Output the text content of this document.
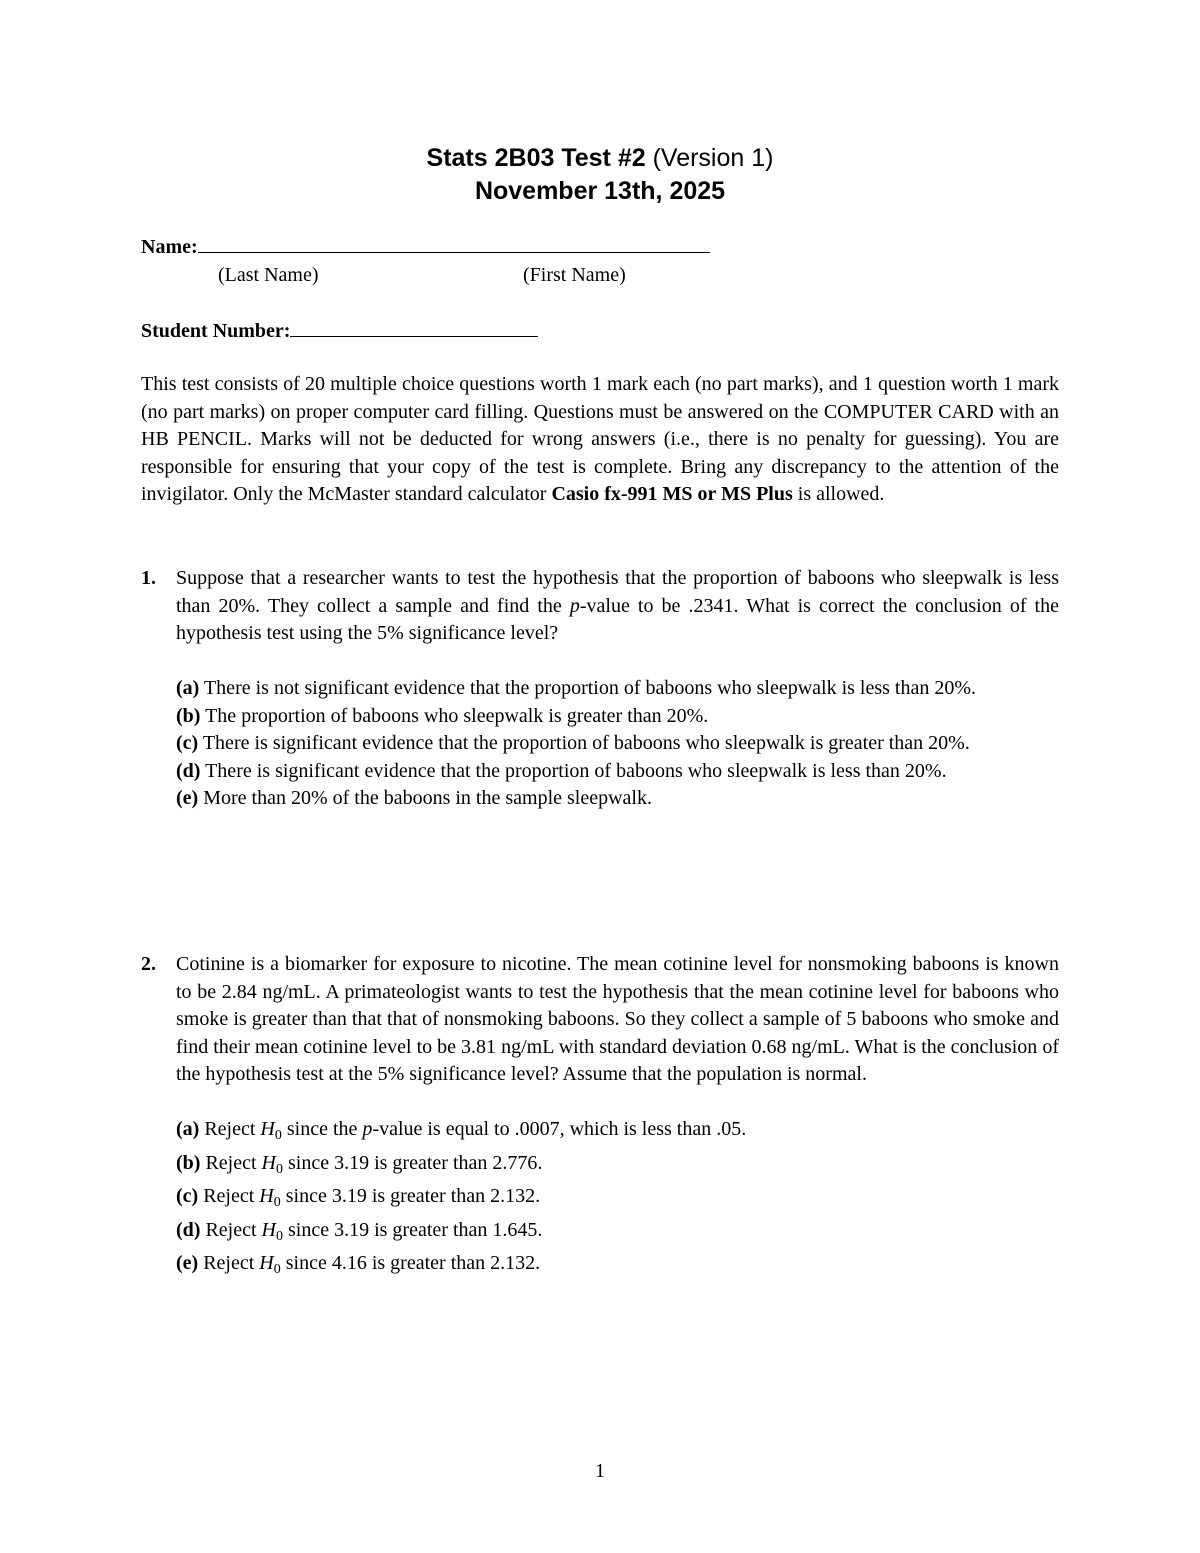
Stats 2B03 Test #2 (Version 1)
November 13th, 2025
Name:
(Last Name)	(First Name)
Student Number:
This test consists of 20 multiple choice questions worth 1 mark each (no part marks), and 1 question worth 1 mark (no part marks) on proper computer card filling. Questions must be answered on the COMPUTER CARD with an HB PENCIL. Marks will not be deducted for wrong answers (i.e., there is no penalty for guessing). You are responsible for ensuring that your copy of the test is complete. Bring any discrepancy to the attention of the invigilator. Only the McMaster standard calculator Casio fx-991 MS or MS Plus is allowed.
1. Suppose that a researcher wants to test the hypothesis that the proportion of baboons who sleepwalk is less than 20%. They collect a sample and find the p-value to be .2341. What is correct the conclusion of the hypothesis test using the 5% significance level?
(a) There is not significant evidence that the proportion of baboons who sleepwalk is less than 20%.
(b) The proportion of baboons who sleepwalk is greater than 20%.
(c) There is significant evidence that the proportion of baboons who sleepwalk is greater than 20%.
(d) There is significant evidence that the proportion of baboons who sleepwalk is less than 20%.
(e) More than 20% of the baboons in the sample sleepwalk.
2. Cotinine is a biomarker for exposure to nicotine. The mean cotinine level for nonsmoking baboons is known to be 2.84 ng/mL. A primateologist wants to test the hypothesis that the mean cotinine level for baboons who smoke is greater than that that of nonsmoking baboons. So they collect a sample of 5 baboons who smoke and find their mean cotinine level to be 3.81 ng/mL with standard deviation 0.68 ng/mL. What is the conclusion of the hypothesis test at the 5% significance level? Assume that the population is normal.
(a) Reject $H_0$ since the p-value is equal to .0007, which is less than .05.
(b) Reject $H_0$ since 3.19 is greater than 2.776.
(c) Reject $H_0$ since 3.19 is greater than 2.132.
(d) Reject $H_0$ since 3.19 is greater than 1.645.
(e) Reject $H_0$ since 4.16 is greater than 2.132.
1
